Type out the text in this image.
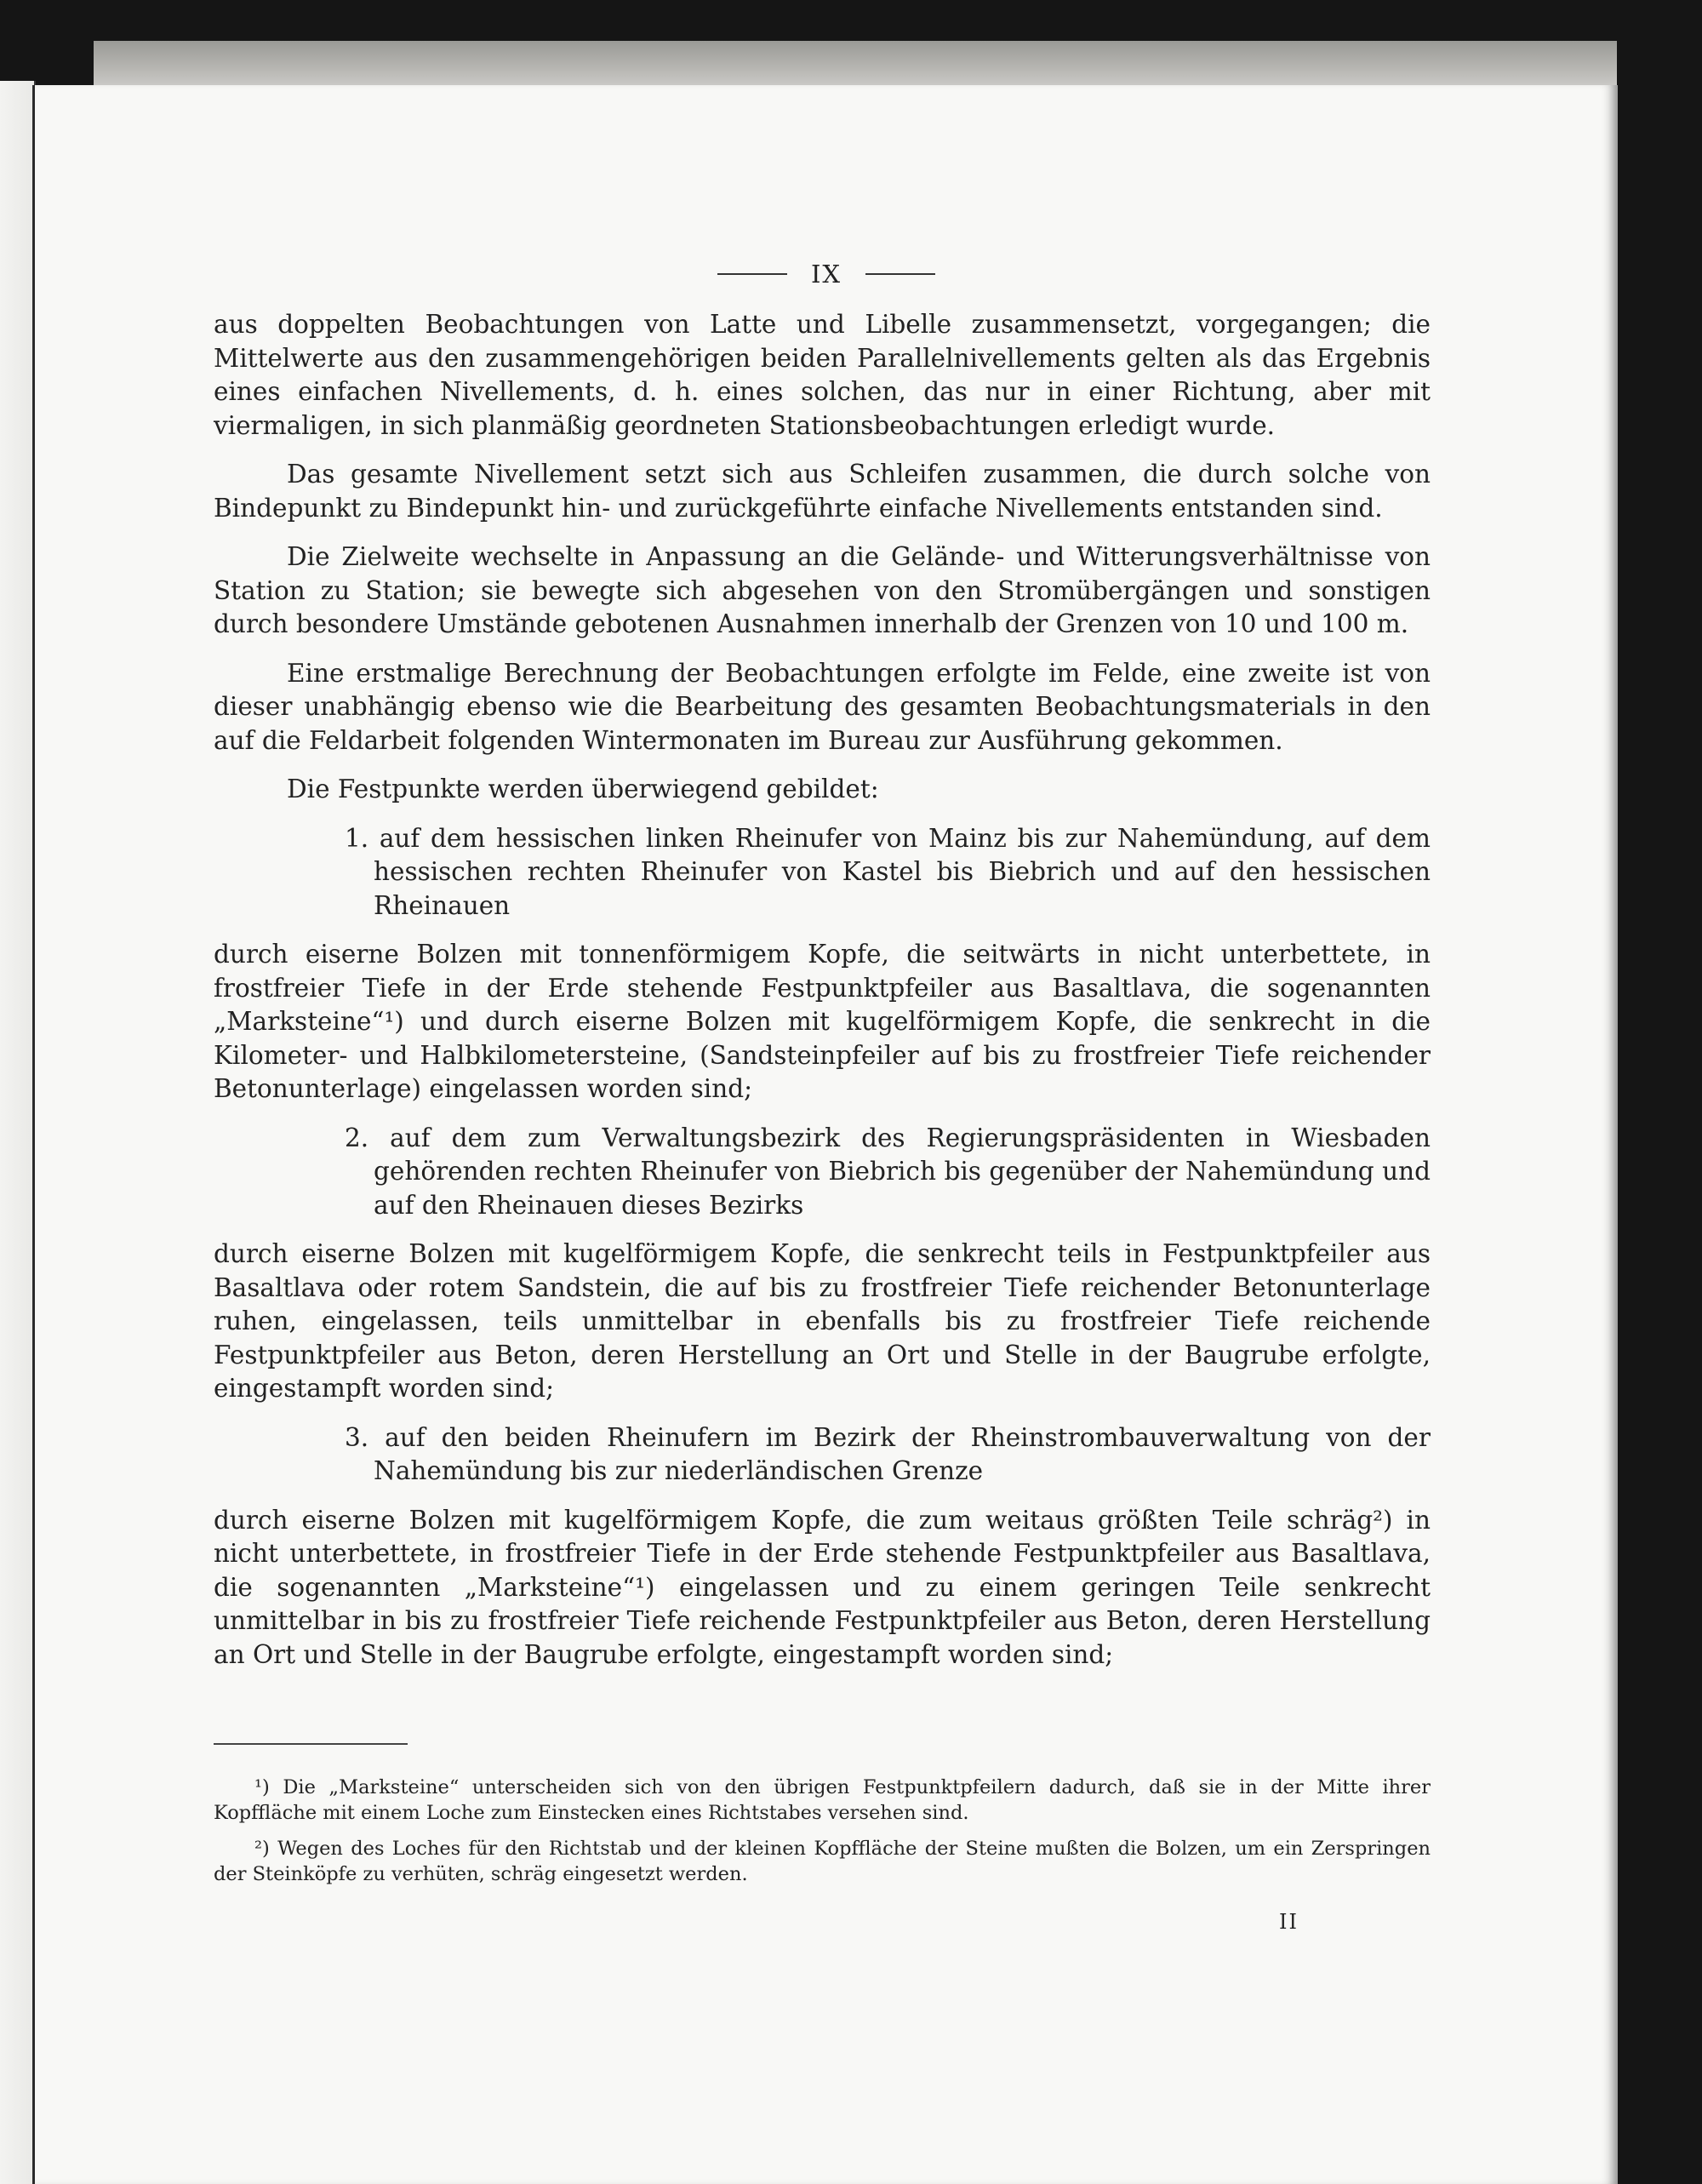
IX

aus doppelten Beobachtungen von Latte und Libelle zusammensetzt, vorgegangen; die Mittelwerte aus den zusammengehörigen beiden Parallelnivellements gelten als das Ergebnis eines einfachen Nivellements, d. h. eines solchen, das nur in einer Richtung, aber mit viermaligen, in sich planmäßig geordneten Stationsbeobachtungen erledigt wurde.

Das gesamte Nivellement setzt sich aus Schleifen zusammen, die durch solche von Bindepunkt zu Bindepunkt hin- und zurückgeführte einfache Nivellements entstanden sind.

Die Zielweite wechselte in Anpassung an die Gelände- und Witterungsverhältnisse von Station zu Station; sie bewegte sich abgesehen von den Stromübergängen und sonstigen durch besondere Umstände gebotenen Ausnahmen innerhalb der Grenzen von 10 und 100 m.

Eine erstmalige Berechnung der Beobachtungen erfolgte im Felde, eine zweite ist von dieser unabhängig ebenso wie die Bearbeitung des gesamten Beobachtungsmaterials in den auf die Feldarbeit folgenden Wintermonaten im Bureau zur Ausführung gekommen.

Die Festpunkte werden überwiegend gebildet:

1. auf dem hessischen linken Rheinufer von Mainz bis zur Nahemündung, auf dem hessischen rechten Rheinufer von Kastel bis Biebrich und auf den hessischen Rheinauen

durch eiserne Bolzen mit tonnenförmigem Kopfe, die seitwärts in nicht unterbettete, in frostfreier Tiefe in der Erde stehende Festpunktpfeiler aus Basaltlava, die sogenannten „Marksteine“¹) und durch eiserne Bolzen mit kugelförmigem Kopfe, die senkrecht in die Kilometer- und Halbkilometersteine, (Sandsteinpfeiler auf bis zu frostfreier Tiefe reichender Betonunterlage) eingelassen worden sind;

2. auf dem zum Verwaltungsbezirk des Regierungspräsidenten in Wiesbaden gehörenden rechten Rheinufer von Biebrich bis gegenüber der Nahemündung und auf den Rheinauen dieses Bezirks

durch eiserne Bolzen mit kugelförmigem Kopfe, die senkrecht teils in Festpunktpfeiler aus Basaltlava oder rotem Sandstein, die auf bis zu frostfreier Tiefe reichender Betonunterlage ruhen, eingelassen, teils unmittelbar in ebenfalls bis zu frostfreier Tiefe reichende Festpunktpfeiler aus Beton, deren Herstellung an Ort und Stelle in der Baugrube erfolgte, eingestampft worden sind;

3. auf den beiden Rheinufern im Bezirk der Rheinstrombauverwaltung von der Nahemündung bis zur niederländischen Grenze

durch eiserne Bolzen mit kugelförmigem Kopfe, die zum weitaus größten Teile schräg²) in nicht unterbettete, in frostfreier Tiefe in der Erde stehende Festpunktpfeiler aus Basaltlava, die sogenannten „Marksteine“¹) eingelassen und zu einem geringen Teile senkrecht unmittelbar in bis zu frostfreier Tiefe reichende Festpunktpfeiler aus Beton, deren Herstellung an Ort und Stelle in der Baugrube erfolgte, eingestampft worden sind;

¹) Die „Marksteine“ unterscheiden sich von den übrigen Festpunktpfeilern dadurch, daß sie in der Mitte ihrer Kopffläche mit einem Loche zum Einstecken eines Richtstabes versehen sind.

²) Wegen des Loches für den Richtstab und der kleinen Kopffläche der Steine mußten die Bolzen, um ein Zerspringen der Steinköpfe zu verhüten, schräg eingesetzt werden.

II
